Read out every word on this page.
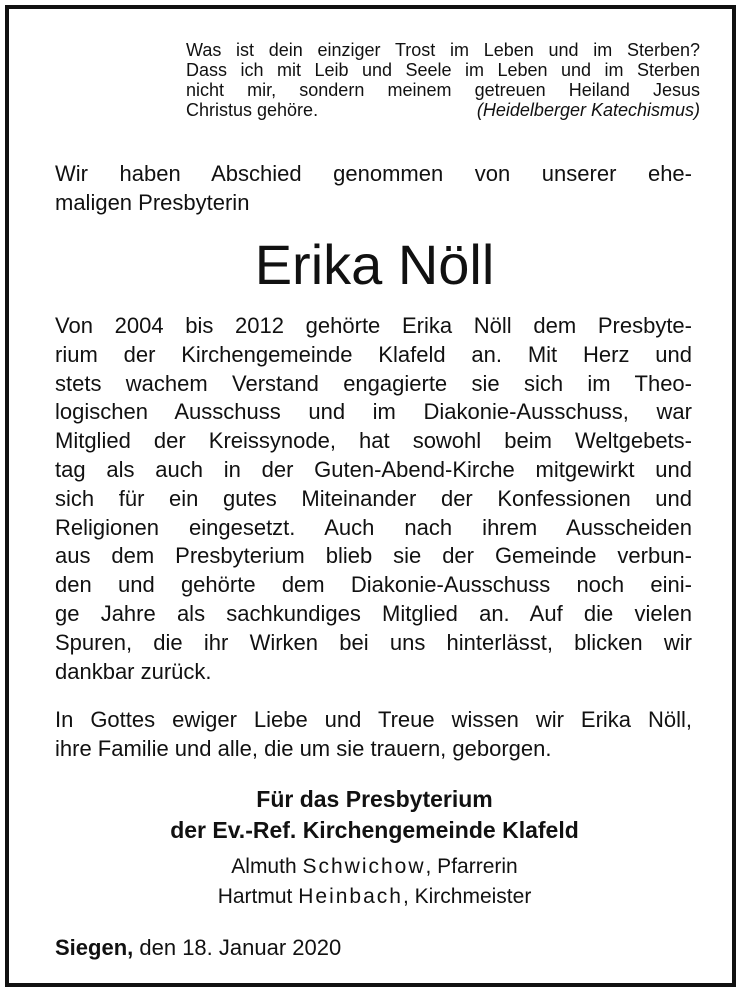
Was ist dein einziger Trost im Leben und im Sterben?
Dass ich mit Leib und Seele im Leben und im Sterben
nicht mir, sondern meinem getreuen Heiland Jesus
Christus gehöre.	(Heidelberger Katechismus)
Wir haben Abschied genommen von unserer ehe-
maligen Presbyterin
Erika Nöll
Von 2004 bis 2012 gehörte Erika Nöll dem Presbyte-
rium der Kirchengemeinde Klafeld an. Mit Herz und
stets wachem Verstand engagierte sie sich im Theo-
logischen Ausschuss und im Diakonie-Ausschuss, war
Mitglied der Kreissynode, hat sowohl beim Weltgebets-
tag als auch in der Guten-Abend-Kirche mitgewirkt und
sich für ein gutes Miteinander der Konfessionen und
Religionen eingesetzt. Auch nach ihrem Ausscheiden
aus dem Presbyterium blieb sie der Gemeinde verbun-
den und gehörte dem Diakonie-Ausschuss noch eini-
ge Jahre als sachkundiges Mitglied an. Auf die vielen
Spuren, die ihr Wirken bei uns hinterlässt, blicken wir
dankbar zurück.
In Gottes ewiger Liebe und Treue wissen wir Erika Nöll,
ihre Familie und alle, die um sie trauern, geborgen.
Für das Presbyterium
der Ev.-Ref. Kirchengemeinde Klafeld
Almuth Schwichow, Pfarrerin
Hartmut Heinbach, Kirchmeister
Siegen, den 18. Januar 2020
